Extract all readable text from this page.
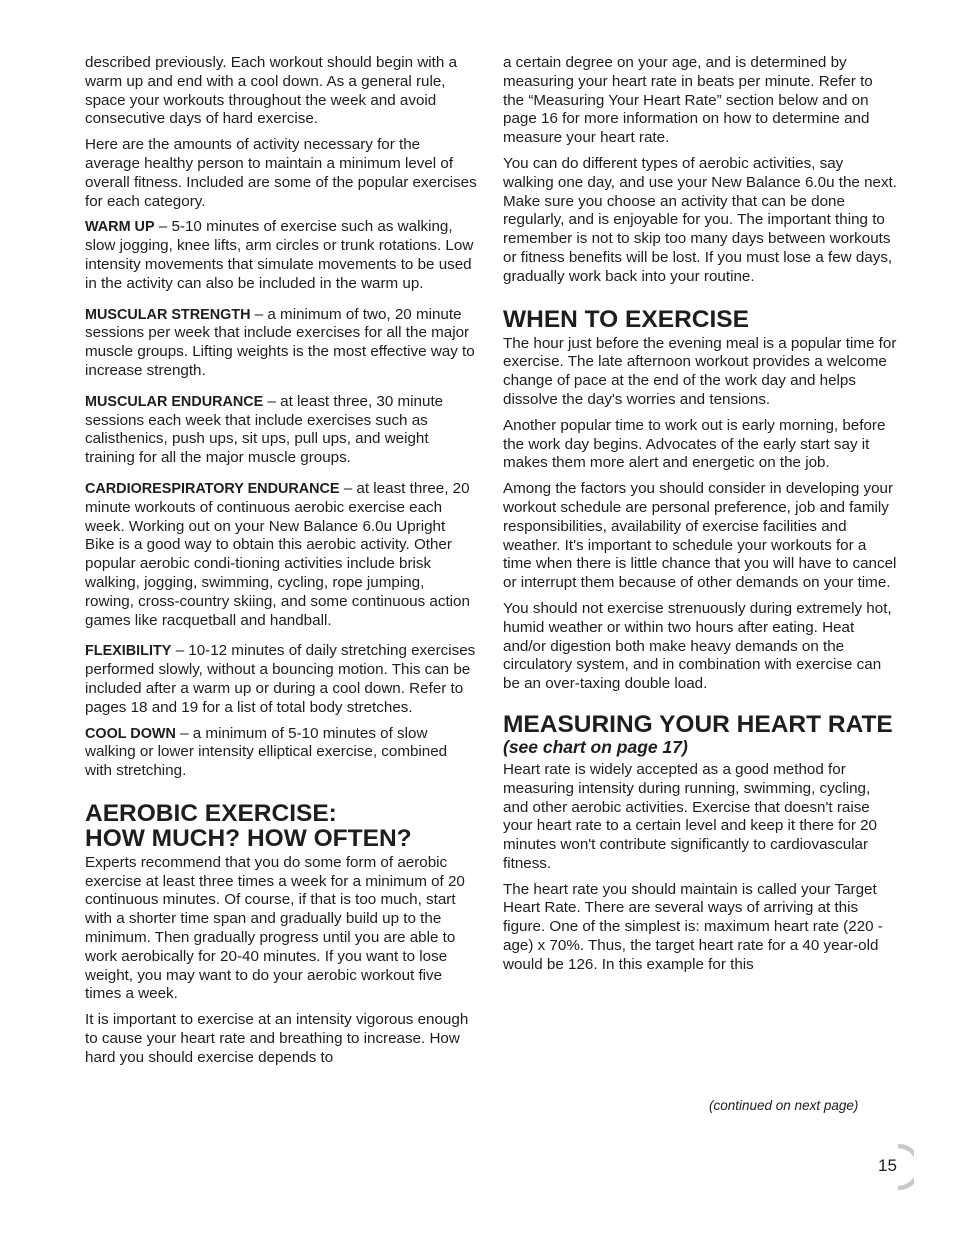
described previously. Each workout should begin with a warm up and end with a cool down. As a general rule, space your workouts throughout the week and avoid consecutive days of hard exercise.

Here are the amounts of activity necessary for the average healthy person to maintain a minimum level of overall fitness. Included are some of the popular exercises for each category.

WARM UP – 5-10 minutes of exercise such as walking, slow jogging, knee lifts, arm circles or trunk rotations. Low intensity movements that simulate movements to be used in the activity can also be included in the warm up.

MUSCULAR STRENGTH – a minimum of two, 20 minute sessions per week that include exercises for all the major muscle groups. Lifting weights is the most effective way to increase strength.

MUSCULAR ENDURANCE – at least three, 30 minute sessions each week that include exercises such as calisthenics, push ups, sit ups, pull ups, and weight training for all the major muscle groups.

CARDIORESPIRATORY ENDURANCE – at least three, 20 minute workouts of continuous aerobic exercise each week. Working out on your New Balance 6.0u Upright Bike is a good way to obtain this aerobic activity. Other popular aerobic condi-tioning activities include brisk walking, jogging, swimming, cycling, rope jumping, rowing, cross-country skiing, and some continuous action games like racquetball and handball.

FLEXIBILITY – 10-12 minutes of daily stretching exercises performed slowly, without a bouncing motion. This can be included after a warm up or during a cool down. Refer to pages 18 and 19 for a list of total body stretches.

COOL DOWN – a minimum of 5-10 minutes of slow walking or lower intensity elliptical exercise, combined with stretching.

AEROBIC EXERCISE:
HOW MUCH? HOW OFTEN?

Experts recommend that you do some form of aerobic exercise at least three times a week for a minimum of 20 continuous minutes. Of course, if that is too much, start with a shorter time span and gradually build up to the minimum. Then gradually progress until you are able to work aerobically for 20-40 minutes. If you want to lose weight, you may want to do your aerobic workout five times a week.

It is important to exercise at an intensity vigorous enough to cause your heart rate and breathing to increase. How hard you should exercise depends to

a certain degree on your age, and is determined by measuring your heart rate in beats per minute. Refer to the “Measuring Your Heart Rate” section below and on page 16 for more information on how to determine and measure your heart rate.

You can do different types of aerobic activities, say walking one day, and use your New Balance 6.0u the next. Make sure you choose an activity that can be done regularly, and is enjoyable for you. The important thing to remember is not to skip too many days between workouts or fitness benefits will be lost. If you must lose a few days, gradually work back into your routine.

WHEN TO EXERCISE

The hour just before the evening meal is a popular time for exercise. The late afternoon workout provides a welcome change of pace at the end of the work day and helps dissolve the day's worries and tensions.

Another popular time to work out is early morning, before the work day begins. Advocates of the early start say it makes them more alert and energetic on the job.

Among the factors you should consider in developing your workout schedule are personal preference, job and family responsibilities, availability of exercise facilities and weather. It's important to schedule your workouts for a time when there is little chance that you will have to cancel or interrupt them because of other demands on your time.

You should not exercise strenuously during extremely hot, humid weather or within two hours after eating. Heat and/or digestion both make heavy demands on the circulatory system, and in combination with exercise can be an over-taxing double load.

MEASURING YOUR HEART RATE
(see chart on page 17)

Heart rate is widely accepted as a good method for measuring intensity during running, swimming, cycling, and other aerobic activities. Exercise that doesn't raise your heart rate to a certain level and keep it there for 20 minutes won't contribute significantly to cardiovascular fitness.

The heart rate you should maintain is called your Target Heart Rate. There are several ways of arriving at this figure. One of the simplest is: maximum heart rate (220 - age) x 70%. Thus, the target heart rate for a 40 year-old would be 126. In this example for this

(continued on next page)
15
